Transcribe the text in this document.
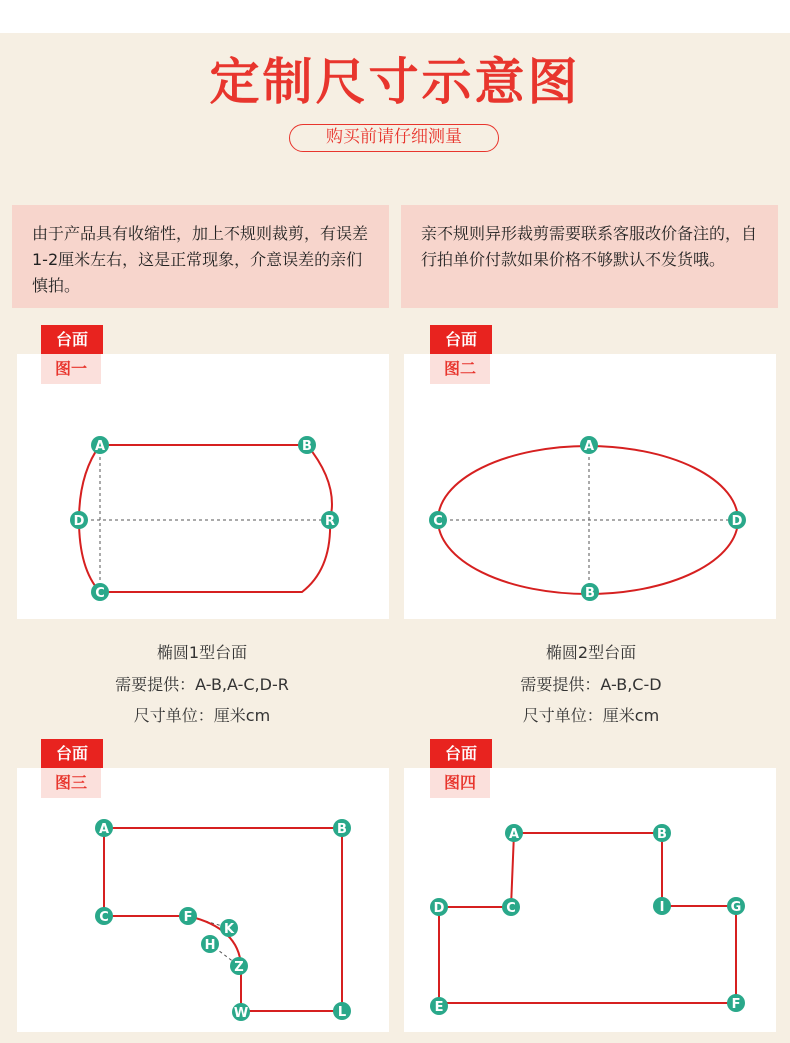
定制尺寸示意图
购买前请仔细测量
由于产品具有收缩性，加上不规则裁剪，有误差1-2厘米左右，这是正常现象，介意误差的亲们慎拍。
亲不规则异形裁剪需要联系客服改价备注的，自行拍单价付款如果价格不够默认不发货哦。
台面
图一
A	B
C
D	R
椭圆1型台面
需要提供：A-B,A-C,D-R
尺寸单位：厘米cm
台面
图二
A
B
C	D
椭圆2型台面
需要提供：A-B,C-D
尺寸单位：厘米cm
台面
图三
A	B
C	F
K
H
Z
W	L
台面
图四
A	B
C	I
D	G
E	F
